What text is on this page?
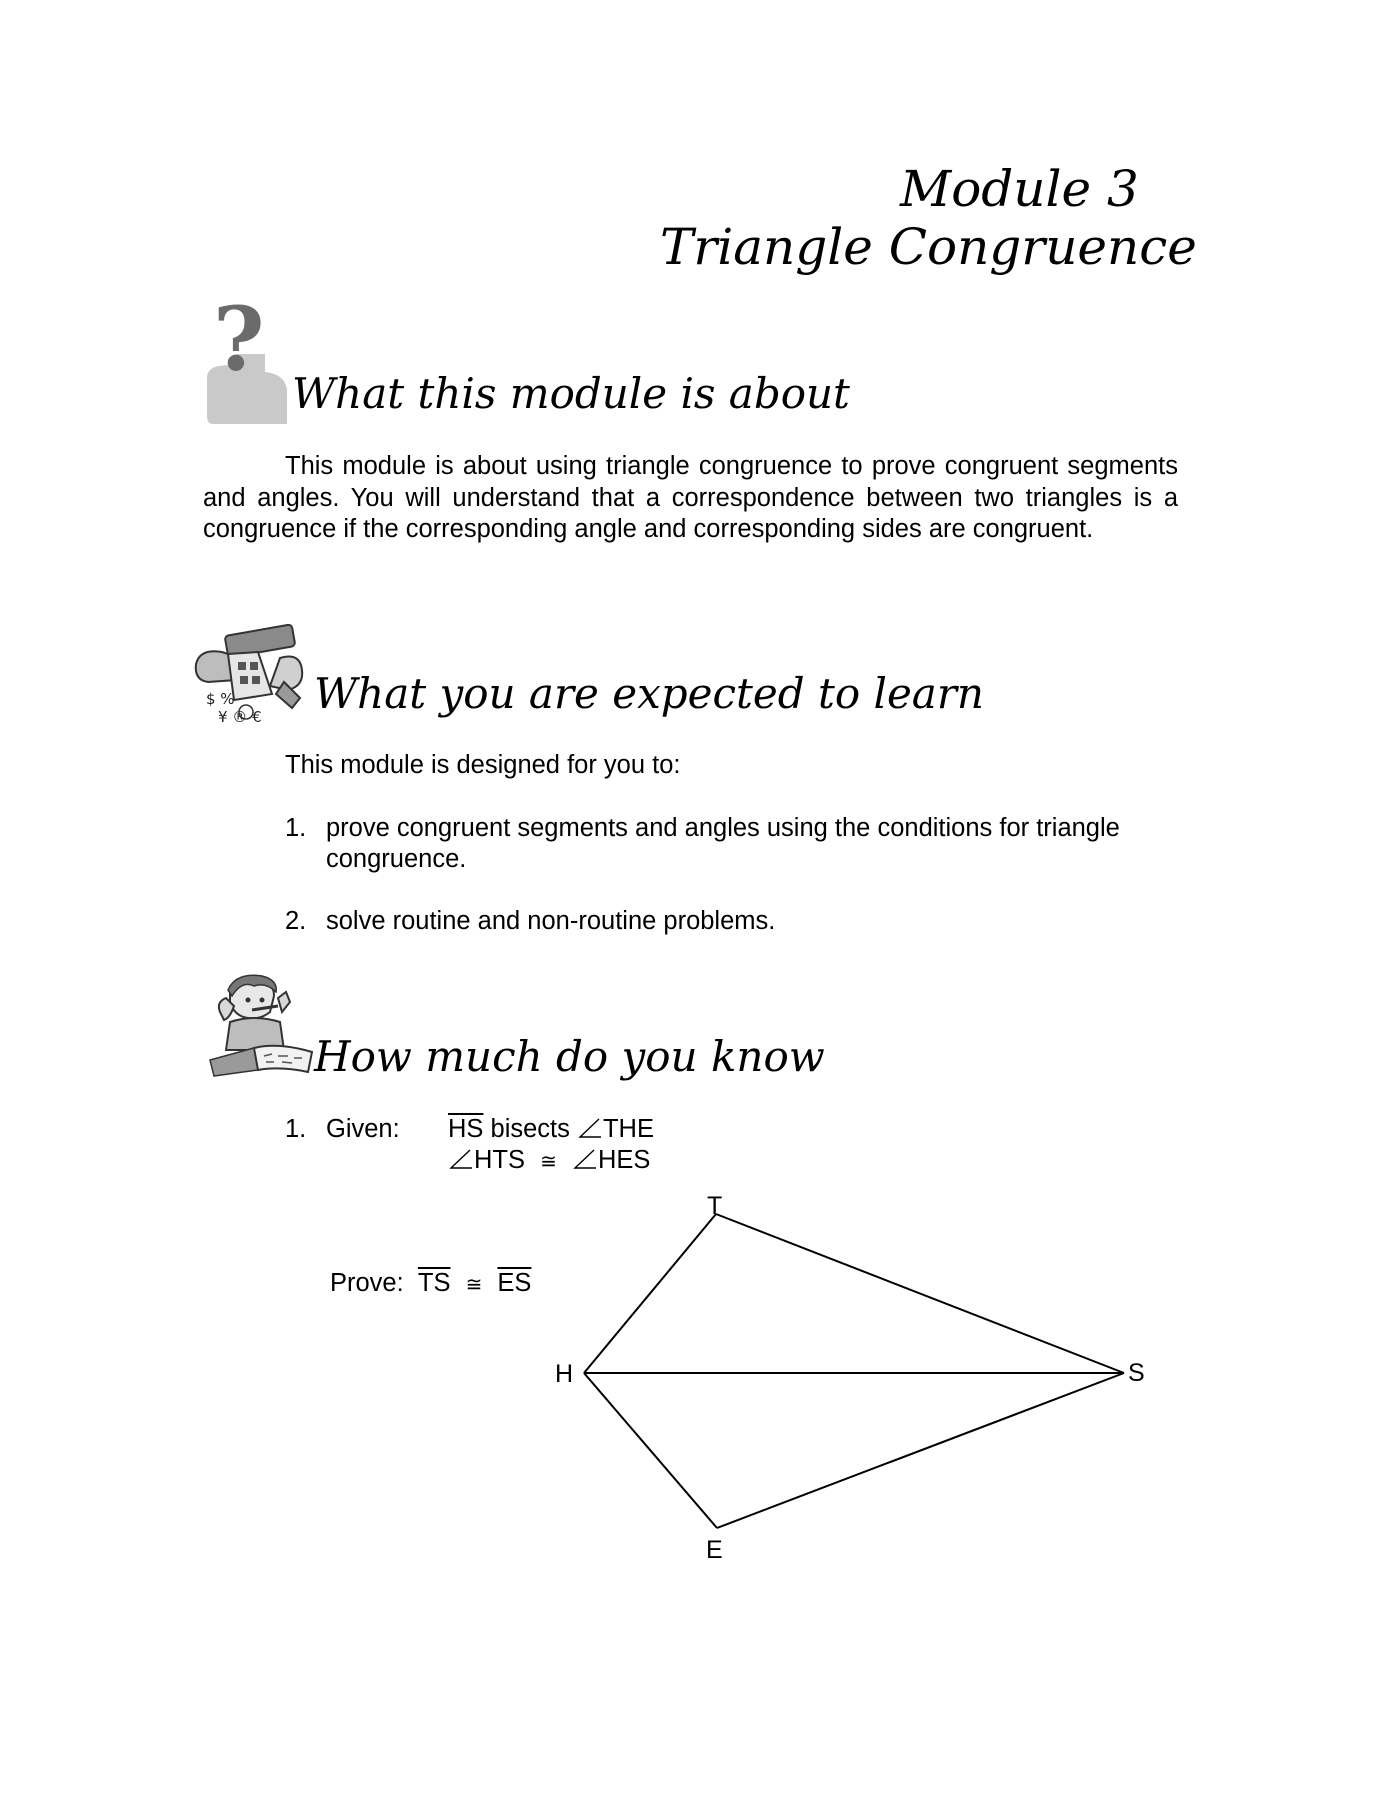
Module 3
Triangle Congruence
?
What this module is about
This module is about using triangle congruence to prove congruent segments and angles. You will understand that a correspondence between two triangles is a congruence if the corresponding angle and corresponding sides are congruent.
$ %
¥ ® € What you are expected to learn
This module is designed for you to:
1. prove congruent segments and angles using the conditions for triangle congruence.
2. solve routine and non-routine problems.
How much do you know
1. Given: $\overline{HS}$ bisects THE
HTS ≅ HES
Prove: $\overline{TS}$ ≅ $\overline{ES}$
T
H	S
E
